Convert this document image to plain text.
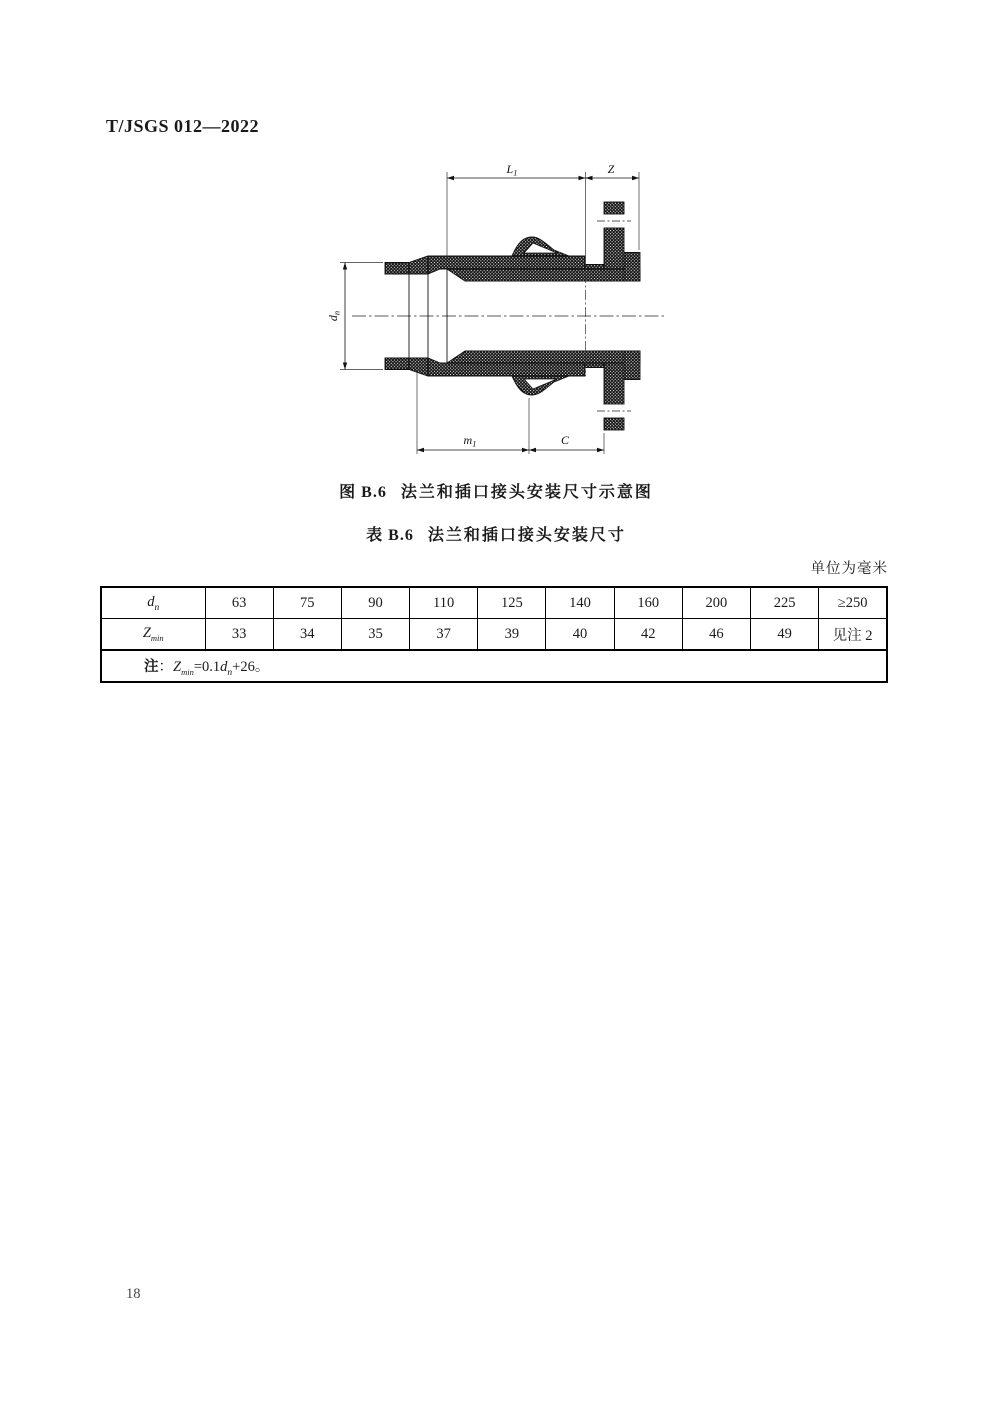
T/JSGS 012—2022
$L_1$	Z
$d_n$
$m_1$	C
图 B.6 法兰和插口接头安装尺寸示意图
表 B.6 法兰和插口接头安装尺寸
单位为毫米
$d_n$	63	75	90	110	125	140	160	200	225	≥250
$Z_{min}$	33	34	35	37	39	40	42	46	49	见注 2
注：$Z_{min}=0.1d_n+26$。										
18
